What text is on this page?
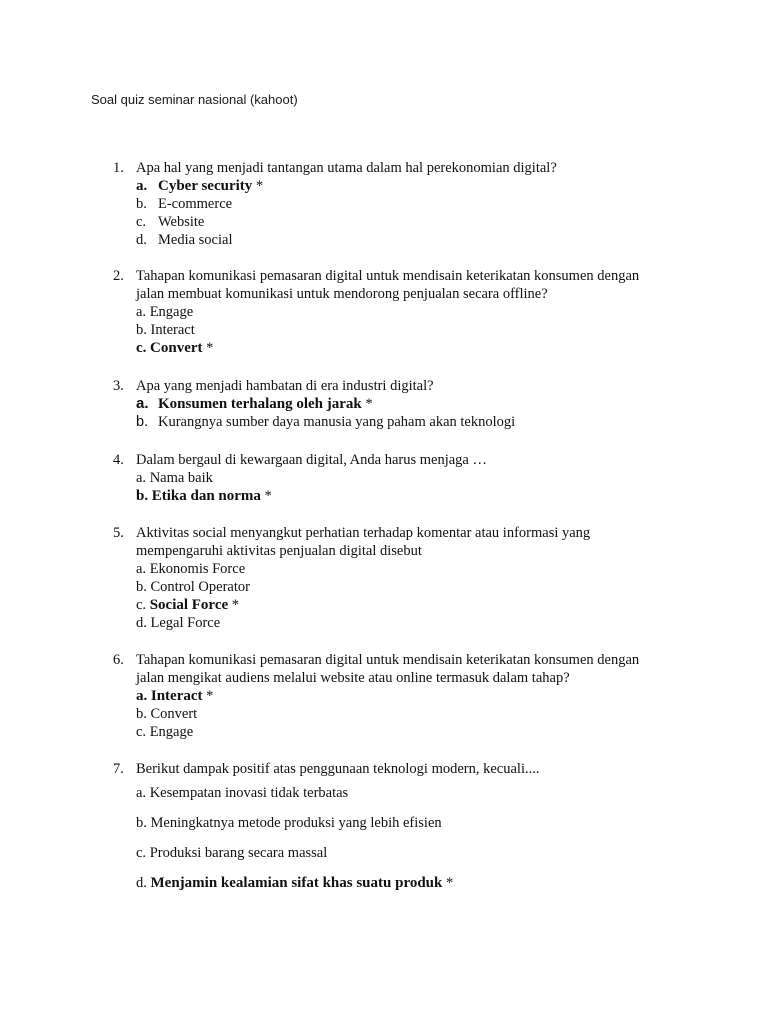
Soal quiz seminar nasional (kahoot)
1. Apa hal yang menjadi tantangan utama dalam hal perekonomian digital?
a. Cyber security *
b. E-commerce
c. Website
d. Media social
2. Tahapan komunikasi pemasaran digital untuk mendisain keterikatan konsumen dengan
jalan membuat komunikasi untuk mendorong penjualan secara offline?
a. Engage
b. Interact
c. Convert *
3. Apa yang menjadi hambatan di era industri digital?
a. Konsumen terhalang oleh jarak *
b. Kurangnya sumber daya manusia yang paham akan teknologi
4. Dalam bergaul di kewargaan digital, Anda harus menjaga …
a. Nama baik
b. Etika dan norma *
5. Aktivitas social menyangkut perhatian terhadap komentar atau informasi yang
mempengaruhi aktivitas penjualan digital disebut
a. Ekonomis Force
b. Control Operator
c. Social Force *
d. Legal Force
6. Tahapan komunikasi pemasaran digital untuk mendisain keterikatan konsumen dengan
jalan mengikat audiens melalui website atau online termasuk dalam tahap?
a. Interact *
b. Convert
c. Engage
7. Berikut dampak positif atas penggunaan teknologi modern, kecuali....
a. Kesempatan inovasi tidak terbatas
b. Meningkatnya metode produksi yang lebih efisien
c. Produksi barang secara massal
d. Menjamin kealamian sifat khas suatu produk *
